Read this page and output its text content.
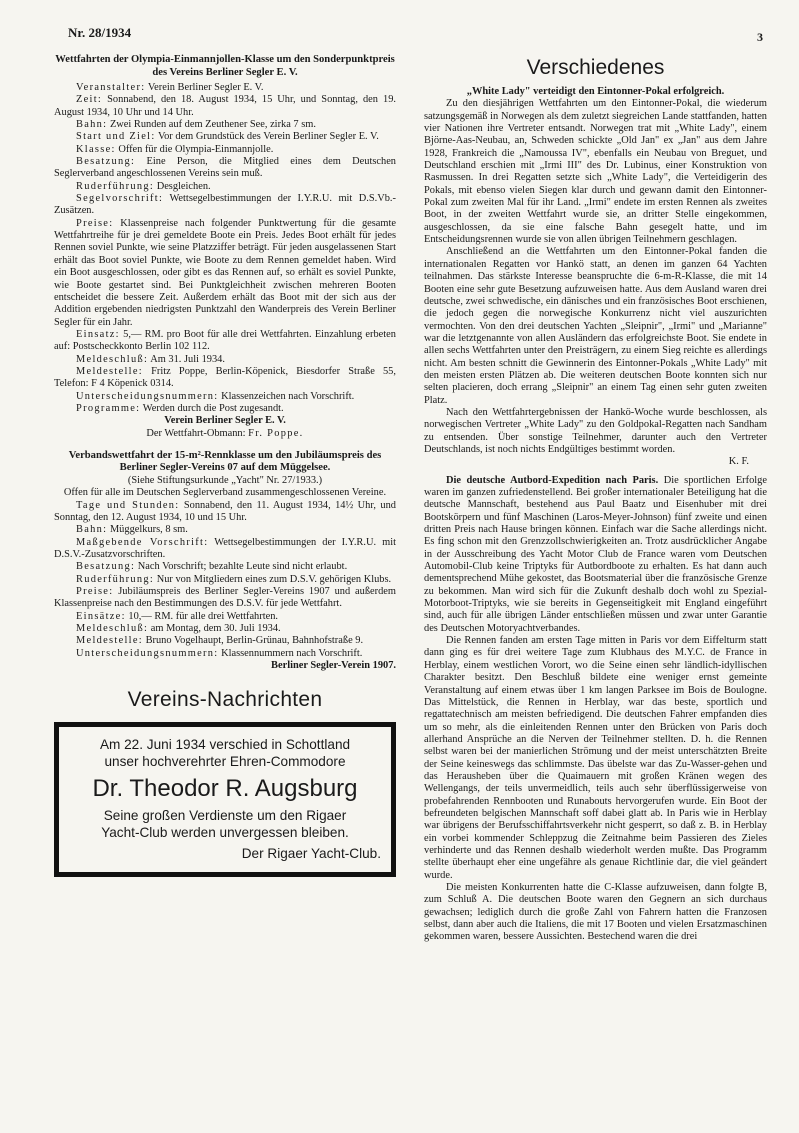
Nr. 28/1934	3

Wettfahrten der Olympia-Einmannjollen-Klasse um den Sonderpunktpreis des Vereins Berliner Segler E. V.

Veranstalter: Verein Berliner Segler E. V.

Zeit: Sonnabend, den 18. August 1934, 15 Uhr, und Sonntag, den 19. August 1934, 10 Uhr und 14 Uhr.

Bahn: Zwei Runden auf dem Zeuthener See, zirka 7 sm.

Start und Ziel: Vor dem Grundstück des Verein Berliner Segler E. V.

Klasse: Offen für die Olympia-Einmannjolle.

Besatzung: Eine Person, die Mitglied eines dem Deutschen Seglerverband angeschlossenen Vereins sein muß.

Ruderführung: Desgleichen.

Segelvorschrift: Wettsegelbestimmungen der I.Y.R.U. mit D.S.Vb.-Zusätzen.

Preise: Klassenpreise nach folgender Punktwertung für die gesamte Wettfahrtreihe für je drei gemeldete Boote ein Preis. Jedes Boot erhält für jedes Rennen soviel Punkte, wie seine Platzziffer beträgt. Für jeden ausgelassenen Start erhält das Boot soviel Punkte, wie Boote zu dem Rennen gemeldet haben. Wird ein Boot ausgeschlossen, oder gibt es das Rennen auf, so erhält es soviel Punkte, wie Boote gestartet sind. Bei Punktgleichheit zwischen mehreren Booten entscheidet die bessere Zeit. Außerdem erhält das Boot mit der sich aus der Addition ergebenden niedrigsten Punktzahl den Wanderpreis des Verein Berliner Segler für ein Jahr.

Einsatz: 5,— RM. pro Boot für alle drei Wettfahrten. Einzahlung erbeten auf: Postscheckkonto Berlin 102 112.

Meldeschluß: Am 31. Juli 1934.

Meldestelle: Fritz Poppe, Berlin-Köpenick, Biesdorfer Straße 55, Telefon: F 4 Köpenick 0314.

Unterscheidungsnummern: Klassenzeichen nach Vorschrift.

Programme: Werden durch die Post zugesandt.

Verein Berliner Segler E. V.

Der Wettfahrt-Obmann: Fr. Poppe.

Verbandswettfahrt der 15-m²-Rennklasse um den Jubiläumspreis des Berliner Segler-Vereins 07 auf dem Müggelsee.

(Siehe Stiftungsurkunde „Yacht" Nr. 27/1933.)

Offen für alle im Deutschen Seglerverband zusammengeschlossenen Vereine.

Tage und Stunden: Sonnabend, den 11. August 1934, 14½ Uhr, und Sonntag, den 12. August 1934, 10 und 15 Uhr.

Bahn: Müggelkurs, 8 sm.

Maßgebende Vorschrift: Wettsegelbestimmungen der I.Y.R.U. mit D.S.V.-Zusatzvorschriften.

Besatzung: Nach Vorschrift; bezahlte Leute sind nicht erlaubt.

Ruderführung: Nur von Mitgliedern eines zum D.S.V. gehörigen Klubs.

Preise: Jubiläumspreis des Berliner Segler-Vereins 1907 und außerdem Klassenpreise nach den Bestimmungen des D.S.V. für jede Wettfahrt.

Einsätze: 10,— RM. für alle drei Wettfahrten.

Meldeschluß: am Montag, dem 30. Juli 1934.

Meldestelle: Bruno Vogelhaupt, Berlin-Grünau, Bahnhofstraße 9.

Unterscheidungsnummern: Klassennummern nach Vorschrift.

Berliner Segler-Verein 1907.

Vereins-Nachrichten
Am 22. Juni 1934 verschied in Schottland
unser hochverehrter Ehren-Commodore
Dr. Theodor R. Augsburg
Seine großen Verdienste um den Rigaer
Yacht-Club werden unvergessen bleiben.
Der Rigaer Yacht-Club.
Verschiedenes

„White Lady" verteidigt den Eintonner-Pokal erfolgreich.

Zu den diesjährigen Wettfahrten um den Eintonner-Pokal, die wiederum satzungsgemäß in Norwegen als dem zuletzt siegreichen Lande stattfanden, hatten vier Nationen ihre Vertreter entsandt. Norwegen trat mit „White Lady", einem Björne-Aas-Neubau, an, Schweden schickte „Old Jan" ex „Jan" aus dem Jahre 1928, Frankreich die „Namoussa IV", ebenfalls ein Neubau von Breguet, und Deutschland erschien mit „Irmi III" des Dr. Lubinus, einer Konstruktion von Rasmussen. In drei Regatten setzte sich „White Lady", die Verteidigerin des Pokals, mit ebenso vielen Siegen klar durch und gewann damit den Eintonner-Pokal zum zweiten Mal für ihr Land. „Irmi" endete im ersten Rennen als zweites Boot, in der zweiten Wettfahrt wurde sie, an dritter Stelle eingekommen, ausgeschlossen, da sie eine falsche Bahn gesegelt hatte, und im Entscheidungsrennen wurde sie von allen übrigen Teilnehmern geschlagen.

Anschließend an die Wettfahrten um den Eintonner-Pokal fanden die internationalen Regatten vor Hankö statt, an denen im ganzen 64 Yachten teilnahmen. Das stärkste Interesse beanspruchte die 6-m-R-Klasse, die mit 14 Booten eine sehr gute Besetzung aufzuweisen hatte. Aus dem Ausland waren drei deutsche, zwei schwedische, ein dänisches und ein französisches Boot erschienen, die jedoch gegen die norwegische Konkurrenz nicht viel auszurichten vermochten. Von den drei deutschen Yachten „Sleipnir", „Irmi" und „Marianne" war die letztgenannte von allen Ausländern das erfolgreichste Boot. Sie endete in allen sechs Wettfahrten unter den Preisträgern, zu einem Sieg reichte es allerdings nicht. Am besten schnitt die Gewinnerin des Eintonner-Pokals „White Lady" mit den meisten ersten Plätzen ab. Die weiteren deutschen Boote konnten sich nur selten placieren, doch errang „Sleipnir" an einem Tag einen sehr guten zweiten Platz.

Nach den Wettfahrtergebnissen der Hankö-Woche wurde beschlossen, als norwegischen Vertreter „White Lady" zu den Goldpokal-Regatten nach Sandham zu entsenden. Über sonstige Teilnehmer, darunter auch den Vertreter Deutschlands, ist noch nichts Endgültiges bestimmt worden.

K. F.

Die deutsche Autbord-Expedition nach Paris. Die sportlichen Erfolge waren im ganzen zufriedenstellend. Bei großer internationaler Beteiligung hat die deutsche Mannschaft, bestehend aus Paul Baatz und Eisenhuber mit drei Bootskörpern und fünf Maschinen (Laros-Meyer-Johnson) fünf zweite und einen dritten Preis nach Hause bringen können. Einfach war die Sache allerdings nicht. Es fing schon mit den Grenzzollschwierigkeiten an. Trotz ausdrücklicher Angabe in der Ausschreibung des Yacht Motor Club de France waren vom Deutschen Automobil-Club keine Triptyks für Autbordboote zu erhalten. Es hat dann auch dementsprechend Mühe gekostet, das Bootsmaterial über die französische Grenze zu bekommen. Man wird sich für die Zukunft deshalb doch wohl zu Spezial-Motorboot-Triptyks, wie sie bereits in Gegenseitigkeit mit England eingeführt sind, auch für alle übrigen Länder entschließen müssen und zwar unter Garantie des Deutschen Motoryachtverbandes.

Die Rennen fanden am ersten Tage mitten in Paris vor dem Eiffelturm statt dann ging es für drei weitere Tage zum Klubhaus des M.Y.C. de France in Herblay, einem westlichen Vorort, wo die Seine einen sehr ländlich-idyllischen Charakter besitzt. Den Beschluß bildete eine weniger ernst gemeinte Veranstaltung auf einem etwas über 1 km langen Parksee im Bois de Boulogne. Das Mittelstück, die Rennen in Herblay, war das beste, sportlich und regattatechnisch am meisten befriedigend. Die deutschen Fahrer empfanden dies um so mehr, als die einleitenden Rennen unter den Brücken von Paris doch allerhand Ansprüche an die Nerven der Teilnehmer stellten. D. h. die Rennen selbst waren bei der manierlichen Strömung und der meist unterschätzten Breite der Seine keineswegs das schlimmste. Das übelste war das Zu-Wasser-gehen und das Herausheben über die Quaimauern mit großen Kränen wegen des Wellengangs, der teils unvermeidlich, teils auch sehr überflüssigerweise von probefahrenden Rennbooten und Runabouts hervorgerufen wurde. Ein Boot der befreundeten belgischen Mannschaft soff dabei glatt ab. In Paris wie in Herblay war übrigens der Berufsschiffahrtsverkehr nicht gesperrt, so daß z. B. in Herblay ein vorbei kommender Schleppzug die Zeitnahme beim Passieren des Zieles verhinderte und das Rennen deshalb wiederholt werden mußte. Das Programm stellte überhaupt eher eine ungefähre als genaue Richtlinie dar, die viel geändert wurde.

Die meisten Konkurrenten hatte die C-Klasse aufzuweisen, dann folgte B, zum Schluß A. Die deutschen Boote waren den Gegnern an sich durchaus gewachsen; lediglich durch die große Zahl von Fahrern hatten die Franzosen selbst, dann aber auch die Italiens, die mit 17 Booten und vielen Ersatzmaschinen gekommen waren, bessere Aussichten. Bestechend waren die drei
